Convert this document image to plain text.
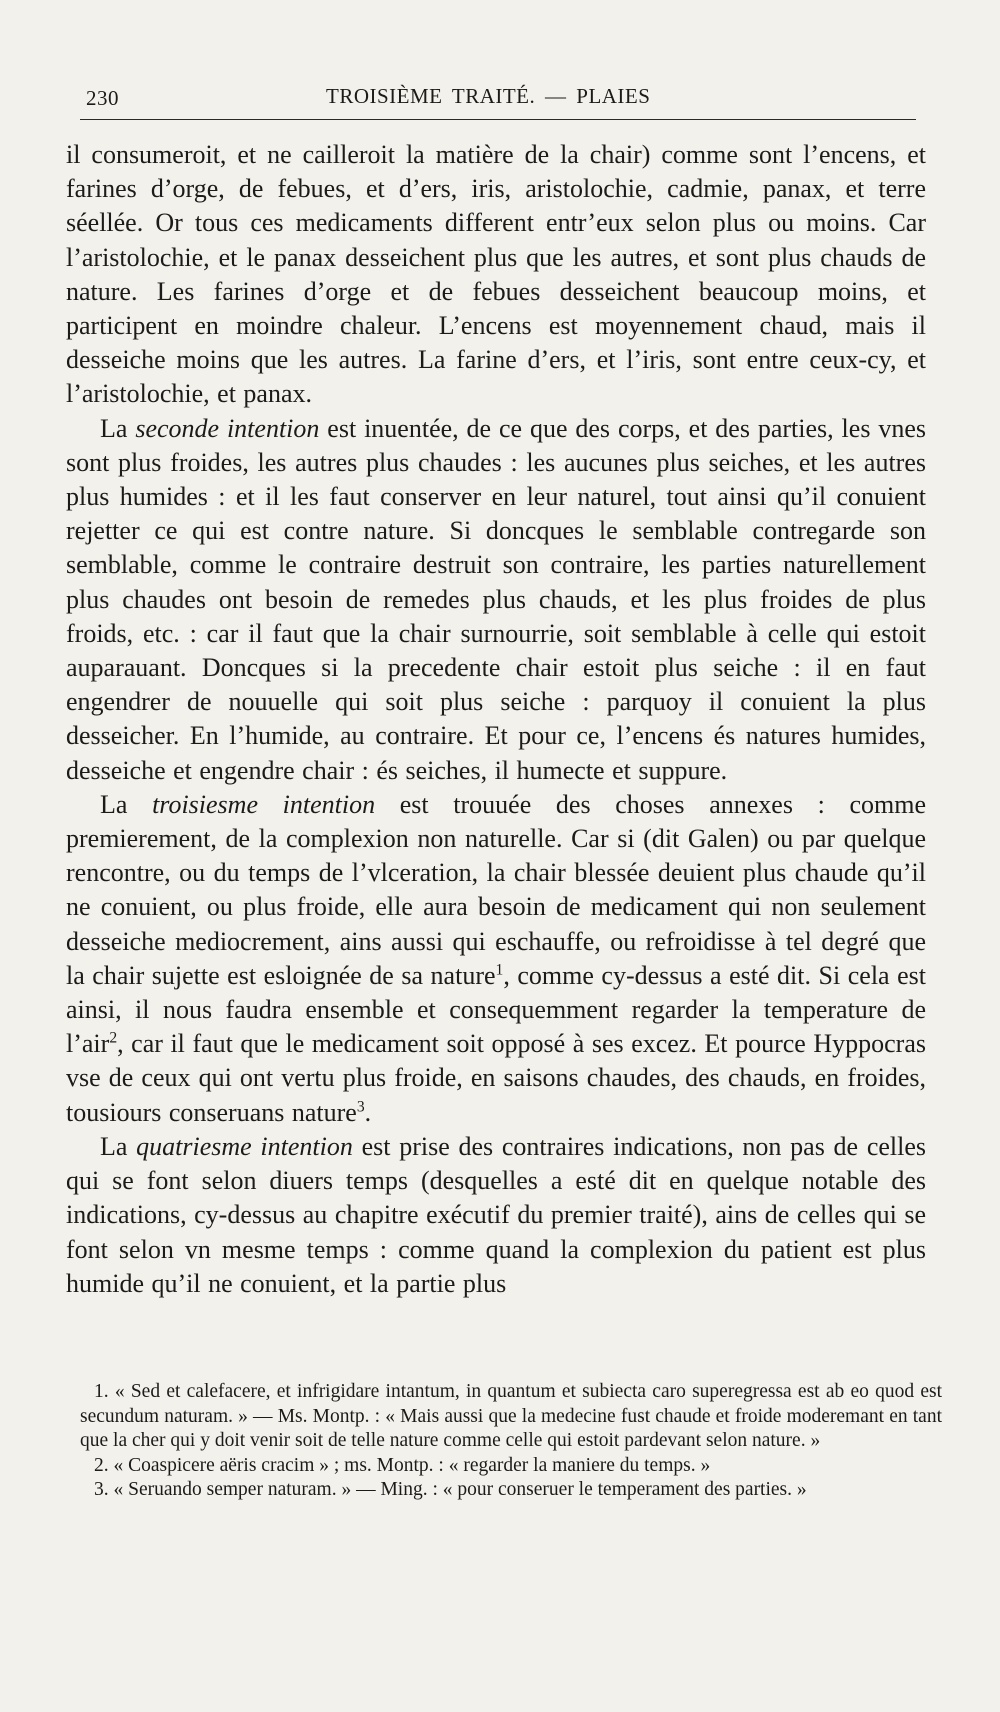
230	TROISIÈME TRAITÉ. — PLAIES

il consumeroit, et ne cailleroit la matière de la chair) comme sont l’encens, et farines d’orge, de febues, et d’ers, iris, aristolochie, cadmie, panax, et terre séellée. Or tous ces medicaments different entr’eux selon plus ou moins. Car l’aristolochie, et le panax desseichent plus que les autres, et sont plus chauds de nature. Les farines d’orge et de febues desseichent beaucoup moins, et participent en moindre chaleur. L’encens est moyennement chaud, mais il desseiche moins que les autres. La farine d’ers, et l’iris, sont entre ceux-cy, et l’aristolochie, et panax.

La seconde intention est inuentée, de ce que des corps, et des parties, les vnes sont plus froides, les autres plus chaudes : les aucunes plus seiches, et les autres plus humides : et il les faut conserver en leur naturel, tout ainsi qu’il conuient rejetter ce qui est contre nature. Si doncques le semblable contregarde son semblable, comme le contraire destruit son contraire, les parties naturellement plus chaudes ont besoin de remedes plus chauds, et les plus froides de plus froids, etc. : car il faut que la chair surnourrie, soit semblable à celle qui estoit auparauant. Doncques si la precedente chair estoit plus seiche : il en faut engendrer de nouuelle qui soit plus seiche : parquoy il conuient la plus desseicher. En l’humide, au contraire. Et pour ce, l’encens és natures humides, desseiche et engendre chair : és seiches, il humecte et suppure.

La troisiesme intention est trouuée des choses annexes : comme premierement, de la complexion non naturelle. Car si (dit Galen) ou par quelque rencontre, ou du temps de l’vlceration, la chair blessée deuient plus chaude qu’il ne conuient, ou plus froide, elle aura besoin de medicament qui non seulement desseiche mediocrement, ains aussi qui eschauffe, ou refroidisse à tel degré que la chair sujette est esloignée de sa nature$^1$, comme cy-dessus a esté dit. Si cela est ainsi, il nous faudra ensemble et consequemment regarder la temperature de l’air$^2$, car il faut que le medicament soit opposé à ses excez. Et pource Hyppocras vse de ceux qui ont vertu plus froide, en saisons chaudes, des chauds, en froides, tousiours conseruans nature$^3$.

La quatriesme intention est prise des contraires indications, non pas de celles qui se font selon diuers temps (desquelles a esté dit en quelque notable des indications, cy-dessus au chapitre exécutif du premier traité), ains de celles qui se font selon vn mesme temps : comme quand la complexion du patient est plus humide qu’il ne conuient, et la partie plus

1. « Sed et calefacere, et infrigidare intantum, in quantum et subiecta caro superegressa est ab eo quod est secundum naturam. » — Ms. Montp. : « Mais aussi que la medecine fust chaude et froide moderemant en tant que la cher qui y doit venir soit de telle nature comme celle qui estoit pardevant selon nature. »

2. « Coaspicere aëris cracim » ; ms. Montp. : « regarder la maniere du temps. »

3. « Seruando semper naturam. » — Ming. : « pour conseruer le temperament des parties. »
